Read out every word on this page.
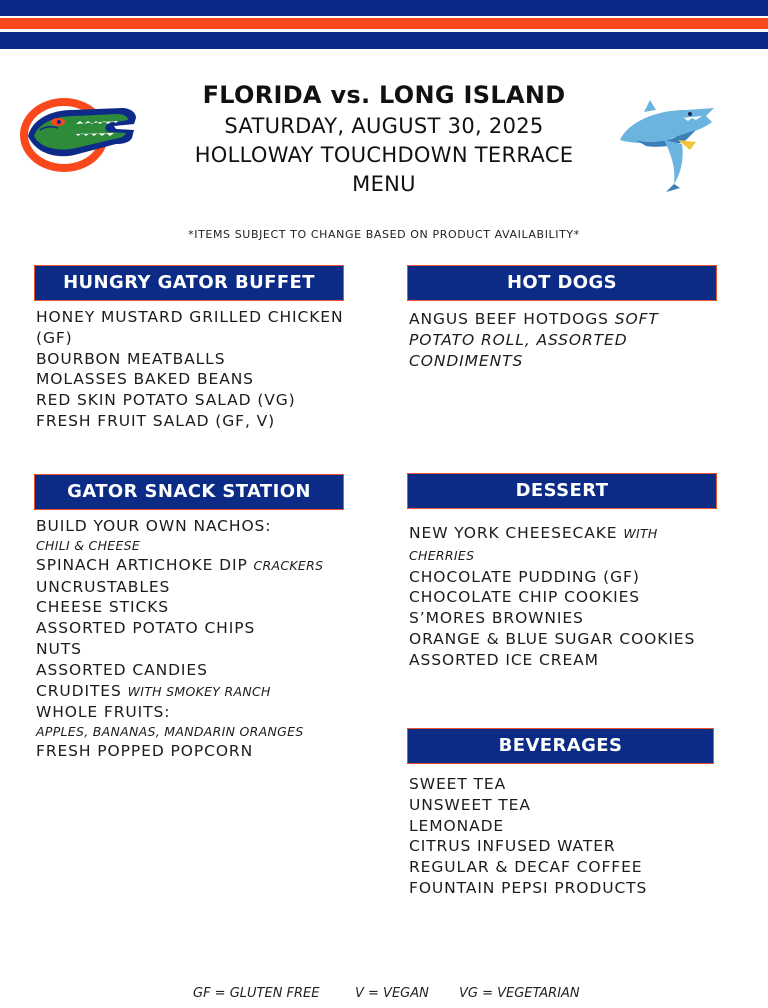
FLORIDA vs. LONG ISLAND
SATURDAY, AUGUST 30, 2025
HOLLOWAY TOUCHDOWN TERRACE
MENU
*ITEMS SUBJECT TO CHANGE BASED ON PRODUCT AVAILABILITY*
HUNGRY GATOR BUFFET
HONEY MUSTARD GRILLED CHICKEN (GF)
BOURBON MEATBALLS
MOLASSES BAKED BEANS
RED SKIN POTATO SALAD (VG)
FRESH FRUIT SALAD (GF, V)
HOT DOGS
ANGUS BEEF HOTDOGS SOFT POTATO ROLL, ASSORTED CONDIMENTS
GATOR SNACK STATION
BUILD YOUR OWN NACHOS:
CHILI & CHEESE
SPINACH ARTICHOKE DIP CRACKERS
UNCRUSTABLES
CHEESE STICKS
ASSORTED POTATO CHIPS
NUTS
ASSORTED CANDIES
CRUDITES WITH SMOKEY RANCH
WHOLE FRUITS:
APPLES, BANANAS, MANDARIN ORANGES
FRESH POPPED POPCORN
DESSERT
NEW YORK CHEESECAKE WITH CHERRIES
CHOCOLATE PUDDING (GF)
CHOCOLATE CHIP COOKIES
S’MORES BROWNIES
ORANGE & BLUE SUGAR COOKIES
ASSORTED ICE CREAM
BEVERAGES
SWEET TEA
UNSWEET TEA
LEMONADE
CITRUS INFUSED WATER
REGULAR & DECAF COFFEE
FOUNTAIN PEPSI PRODUCTS
GF = GLUTEN FREE	V = VEGAN VG = VEGETARIAN
